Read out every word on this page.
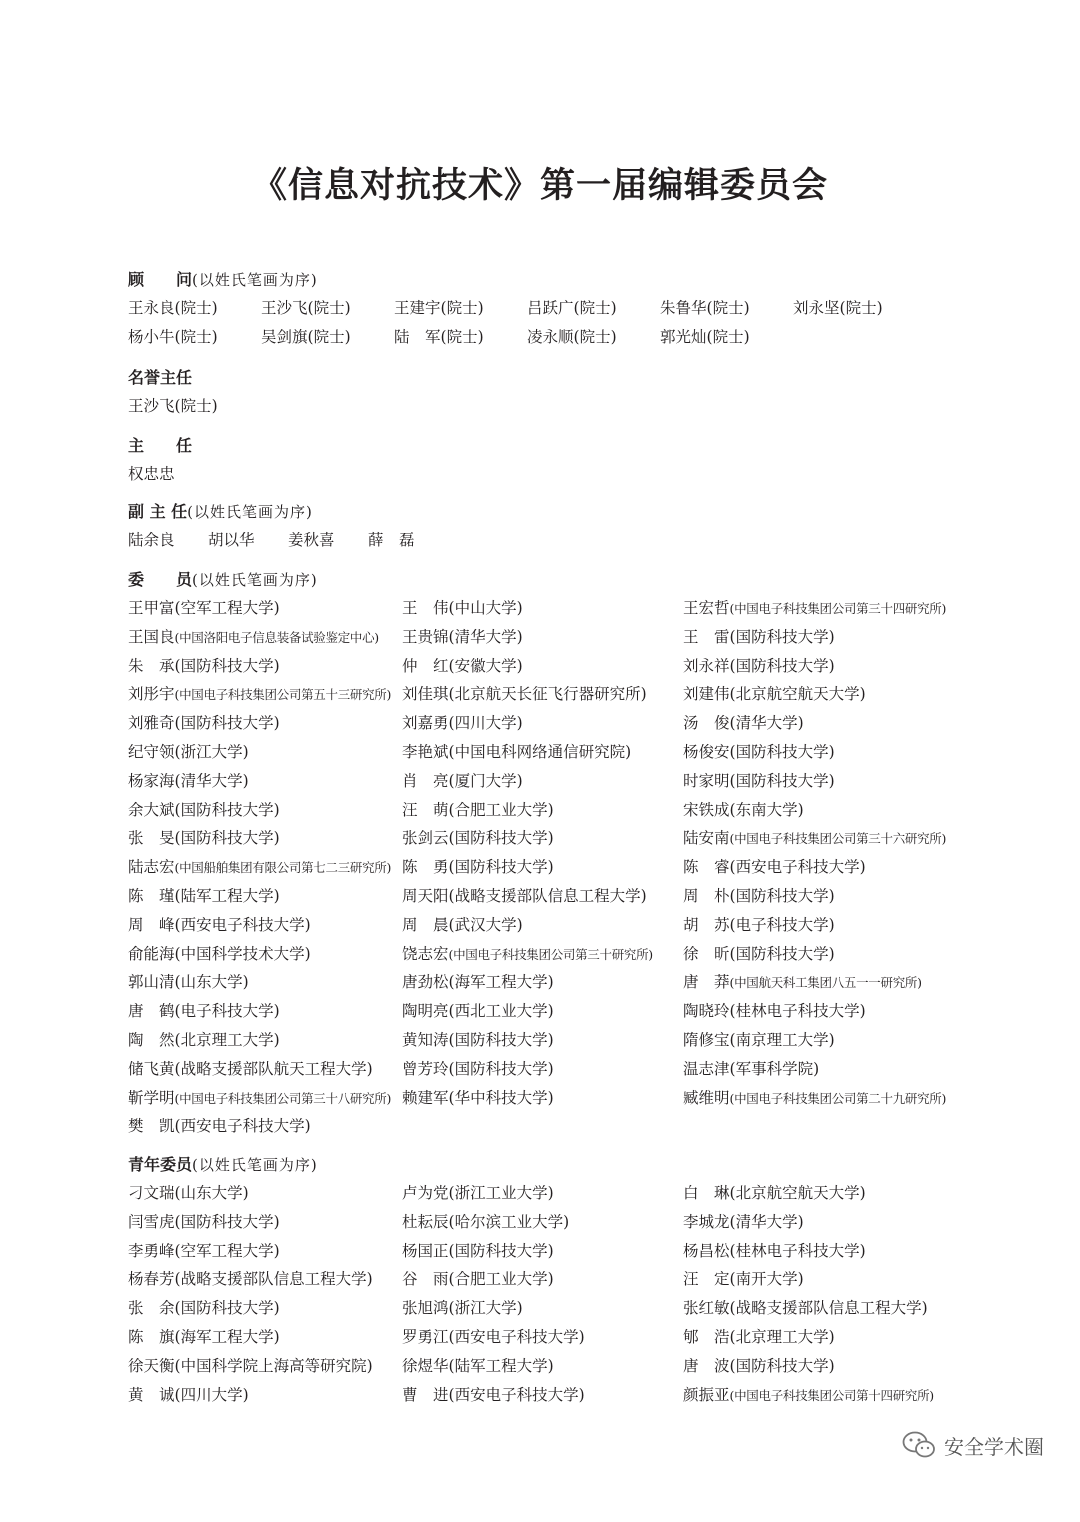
《信息对抗技术》第一届编辑委员会
顾　　问(以姓氏笔画为序)
王永良(院士)	王沙飞(院士)	王建宇(院士)	吕跃广(院士)	朱鲁华(院士)	刘永坚(院士)
杨小牛(院士)	吴剑旗(院士)	陆　军(院士)	凌永顺(院士)	郭光灿(院士)
名誉主任
王沙飞(院士)
主　　任
权忠忠
副 主 任(以姓氏笔画为序)
陆余良	胡以华	姜秋喜	薛　磊
委　　员(以姓氏笔画为序)
王甲富(空军工程大学)	王　伟(中山大学)	王宏哲(中国电子科技集团公司第三十四研究所)
王国良(中国洛阳电子信息装备试验鉴定中心)	王贵锦(清华大学)	王　雷(国防科技大学)
朱　承(国防科技大学)	仲　红(安徽大学)	刘永祥(国防科技大学)
刘彤宇(中国电子科技集团公司第五十三研究所) 刘佳琪(北京航天长征飞行器研究所)	刘建伟(北京航空航天大学)
刘雅奇(国防科技大学)	刘嘉勇(四川大学)	汤　俊(清华大学)
纪守领(浙江大学)	李艳斌(中国电科网络通信研究院)	杨俊安(国防科技大学)
杨家海(清华大学)	肖　亮(厦门大学)	时家明(国防科技大学)
余大斌(国防科技大学)	汪　萌(合肥工业大学)	宋铁成(东南大学)
张　旻(国防科技大学)	张剑云(国防科技大学)	陆安南(中国电子科技集团公司第三十六研究所)
陆志宏(中国船舶集团有限公司第七二三研究所) 陈　勇(国防科技大学)	陈　睿(西安电子科技大学)
陈　瑾(陆军工程大学)	周天阳(战略支援部队信息工程大学)	周　朴(国防科技大学)
周　峰(西安电子科技大学)	周　晨(武汉大学)	胡　苏(电子科技大学)
俞能海(中国科学技术大学)	饶志宏(中国电子科技集团公司第三十研究所)	徐　昕(国防科技大学)
郭山清(山东大学)	唐劲松(海军工程大学)	唐　莽(中国航天科工集团八五一一研究所)
唐　鹤(电子科技大学)	陶明亮(西北工业大学)	陶晓玲(桂林电子科技大学)
陶　然(北京理工大学)	黄知涛(国防科技大学)	隋修宝(南京理工大学)
储飞黄(战略支援部队航天工程大学)	曾芳玲(国防科技大学)	温志津(军事科学院)
靳学明(中国电子科技集团公司第三十八研究所) 赖建军(华中科技大学)	臧维明(中国电子科技集团公司第二十九研究所)
樊　凯(西安电子科技大学)
青年委员(以姓氏笔画为序)
刁文瑞(山东大学)	卢为党(浙江工业大学)	白　琳(北京航空航天大学)
闫雪虎(国防科技大学)	杜耘辰(哈尔滨工业大学)	李城龙(清华大学)
李勇峰(空军工程大学)	杨国正(国防科技大学)	杨昌松(桂林电子科技大学)
杨春芳(战略支援部队信息工程大学)	谷　雨(合肥工业大学)	汪　定(南开大学)
张　余(国防科技大学)	张旭鸿(浙江大学)	张红敏(战略支援部队信息工程大学)
陈　旗(海军工程大学)	罗勇江(西安电子科技大学)	郇　浩(北京理工大学)
徐天衡(中国科学院上海高等研究院)	徐煜华(陆军工程大学)	唐　波(国防科技大学)
黄　诚(四川大学)	曹　进(西安电子科技大学)	颜振亚(中国电子科技集团公司第十四研究所)
安全学术圈
